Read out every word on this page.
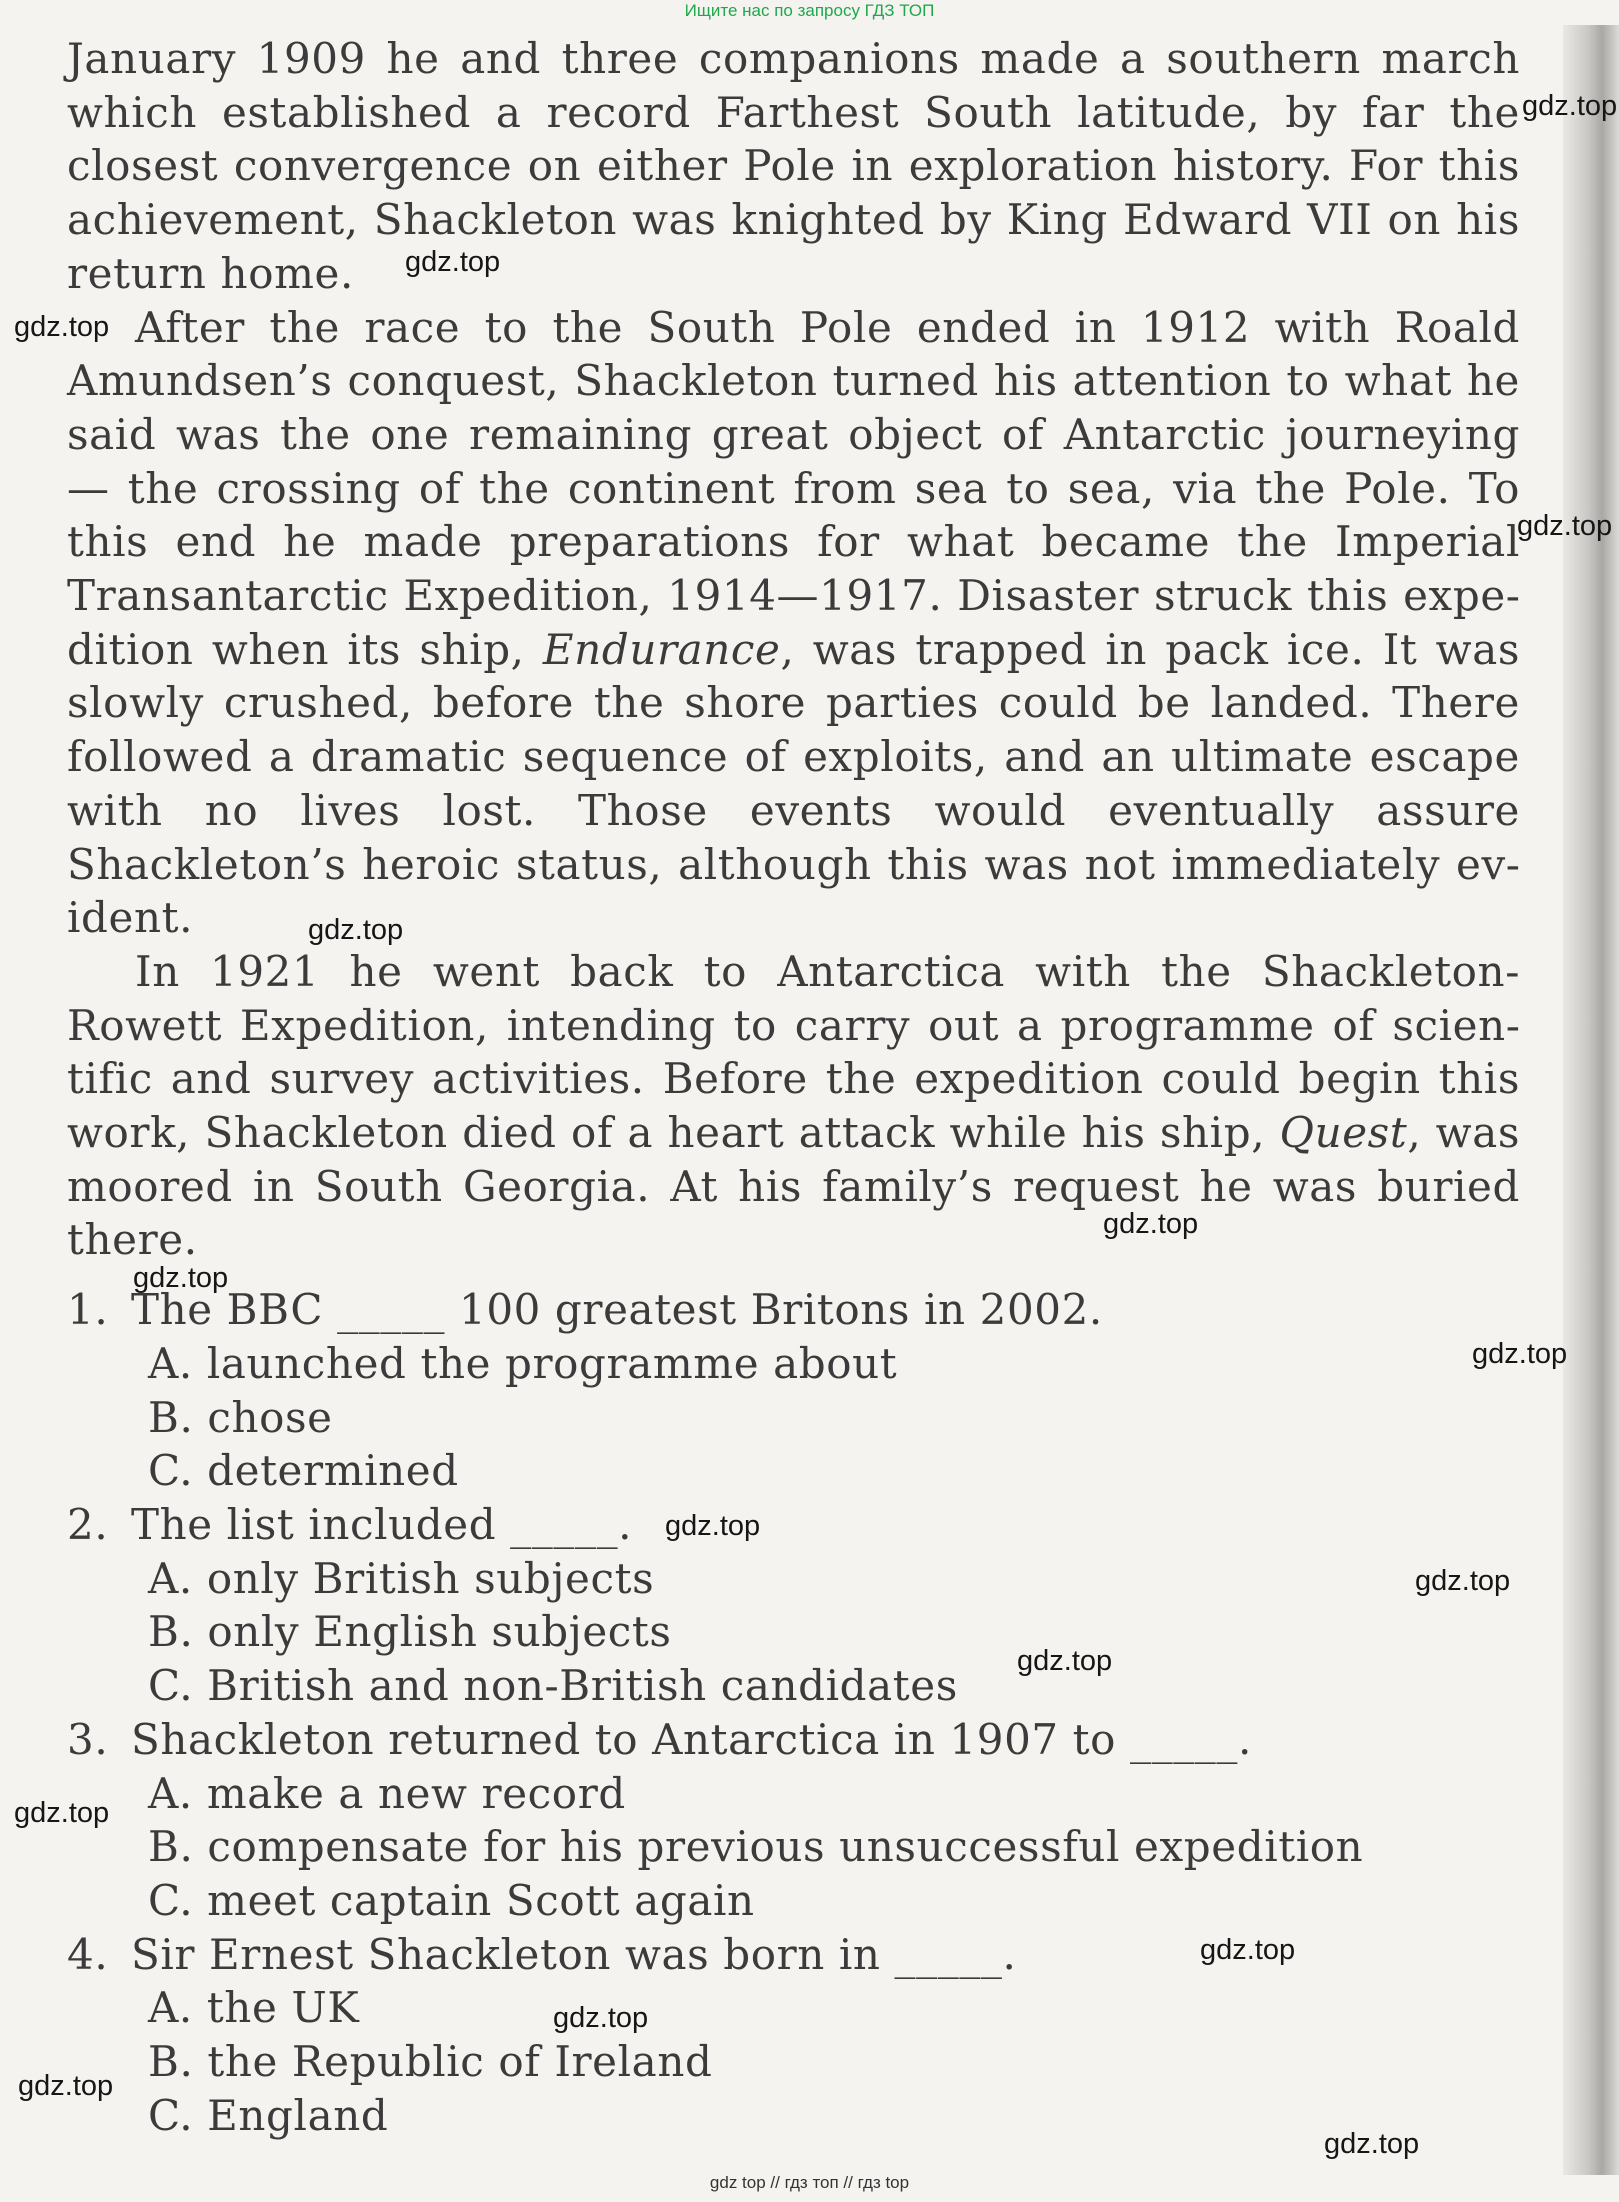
Ищите нас по запросу ГДЗ ТОП

January 1909 he and three companions made a southern march which established a record Farthest South latitude, by far the closest convergence on either Pole in exploration history. For this achievement, Shackleton was knighted by King Edward VII on his return home.

After the race to the South Pole ended in 1912 with Roald Amundsen’s conquest, Shackleton turned his attention to what he said was the one remaining great object of Antarctic journeying — the crossing of the continent from sea to sea, via the Pole. To this end he made preparations for what became the Imperial Transantarctic Expedition, 1914—1917. Disaster struck this expedition when its ship, Endurance, was trapped in pack ice. It was slowly crushed, before the shore parties could be landed. There followed a dramatic sequence of exploits, and an ultimate escape with no lives lost. Those events would eventually assure Shackleton’s heroic status, although this was not immediately evident.

In 1921 he went back to Antarctica with the Shackleton-Rowett Expedition, intending to carry out a programme of scientific and survey activities. Before the expedition could begin this work, Shackleton died of a heart attack while his ship, Quest, was moored in South Georgia. At his family’s request he was buried there.

1. The BBC _____ 100 greatest Britons in 2002.

A. launched the programme about

B. chose

C. determined

2. The list included _____.

A. only British subjects

B. only English subjects

C. British and non-British candidates

3. Shackleton returned to Antarctica in 1907 to _____.

A. make a new record

B. compensate for his previous unsuccessful expedition

C. meet captain Scott again

4. Sir Ernest Shackleton was born in _____.

A. the UK

B. the Republic of Ireland

C. England

gdz.top
gdz.top
gdz.top
gdz.top
gdz.top
gdz.top
gdz.top
gdz.top
gdz.top
gdz.top
gdz.top
gdz.top
gdz.top
gdz.top
gdz.top
gdz.top
gdz top // гдз топ // гдз top
